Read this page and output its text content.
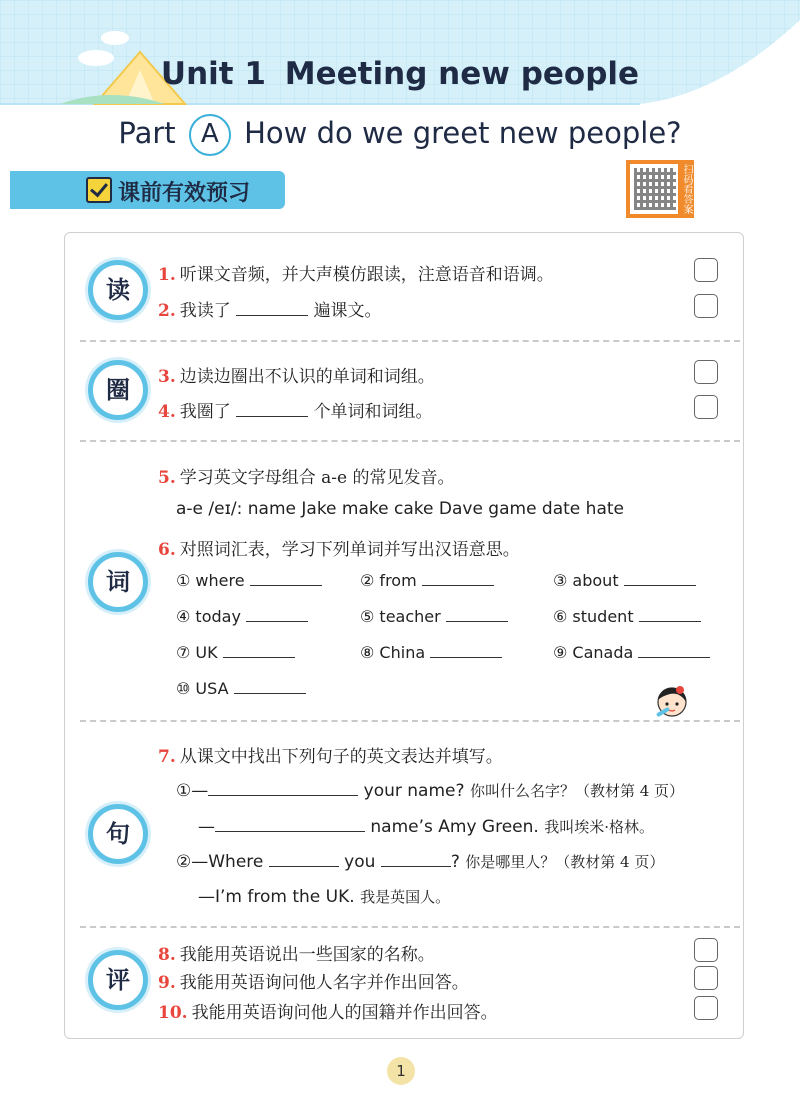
Unit 1 Meeting new people
Part A How do we greet new people?
课前有效预习	扫码看答案
读	1. 听课文音频，并大声模仿跟读，注意语音和语调。
2. 我读了	遍课文。
圈	3. 边读边圈出不认识的单词和词组。
4. 我圈了	个单词和词组。
5. 学习英文字母组合 a-e 的常见发音。
a-e /eɪ/: name Jake make cake Dave game date hate
6. 对照词汇表，学习下列单词并写出汉语意思。
词	① where	② from	③ about
④ today	⑤ teacher	⑥ student
⑦ UK	⑧ China	⑨ Canada
⑩ USA
7. 从课文中找出下列句子的英文表达并填写。
句
①—	your name? 你叫什么名字？（教材第 4 页）
—	name’s Amy Green. 我叫埃米·格林。
②—Where	you	? 你是哪里人？（教材第 4 页）
—I’m from the UK. 我是英国人。
评
8. 我能用英语说出一些国家的名称。
9. 我能用英语询问他人名字并作出回答。
10. 我能用英语询问他人的国籍并作出回答。
1
